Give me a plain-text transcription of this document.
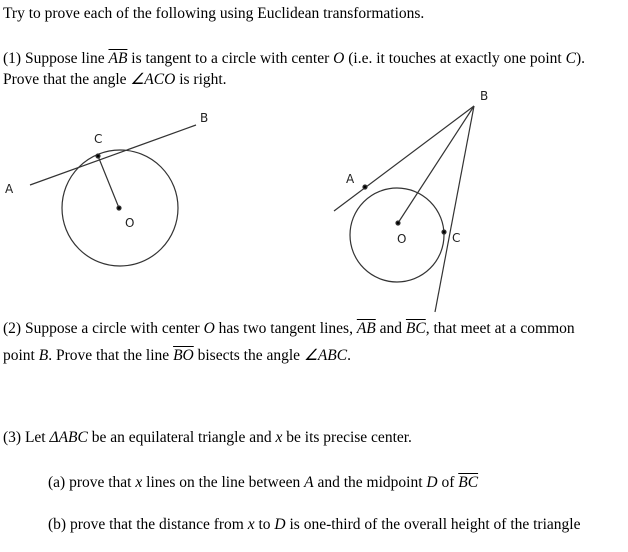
Try to prove each of the following using Euclidean transformations.
(1) Suppose line $\overline{AB}$ is tangent to a circle with center O (i.e. it touches at exactly one point C).
Prove that the angle ∠ACO is right.
A
B
C
O
A
B
C
O
(2) Suppose a circle with center O has two tangent lines, $\overline{AB}$ and $\overline{BC}$, that meet at a common
point B. Prove that the line $\overline{BO}$ bisects the angle ∠ABC.
(3) Let ΔABC be an equilateral triangle and x be its precise center.
(a) prove that x lines on the line between A and the midpoint D of $\overline{BC}$
(b) prove that the distance from x to D is one-third of the overall height of the triangle
